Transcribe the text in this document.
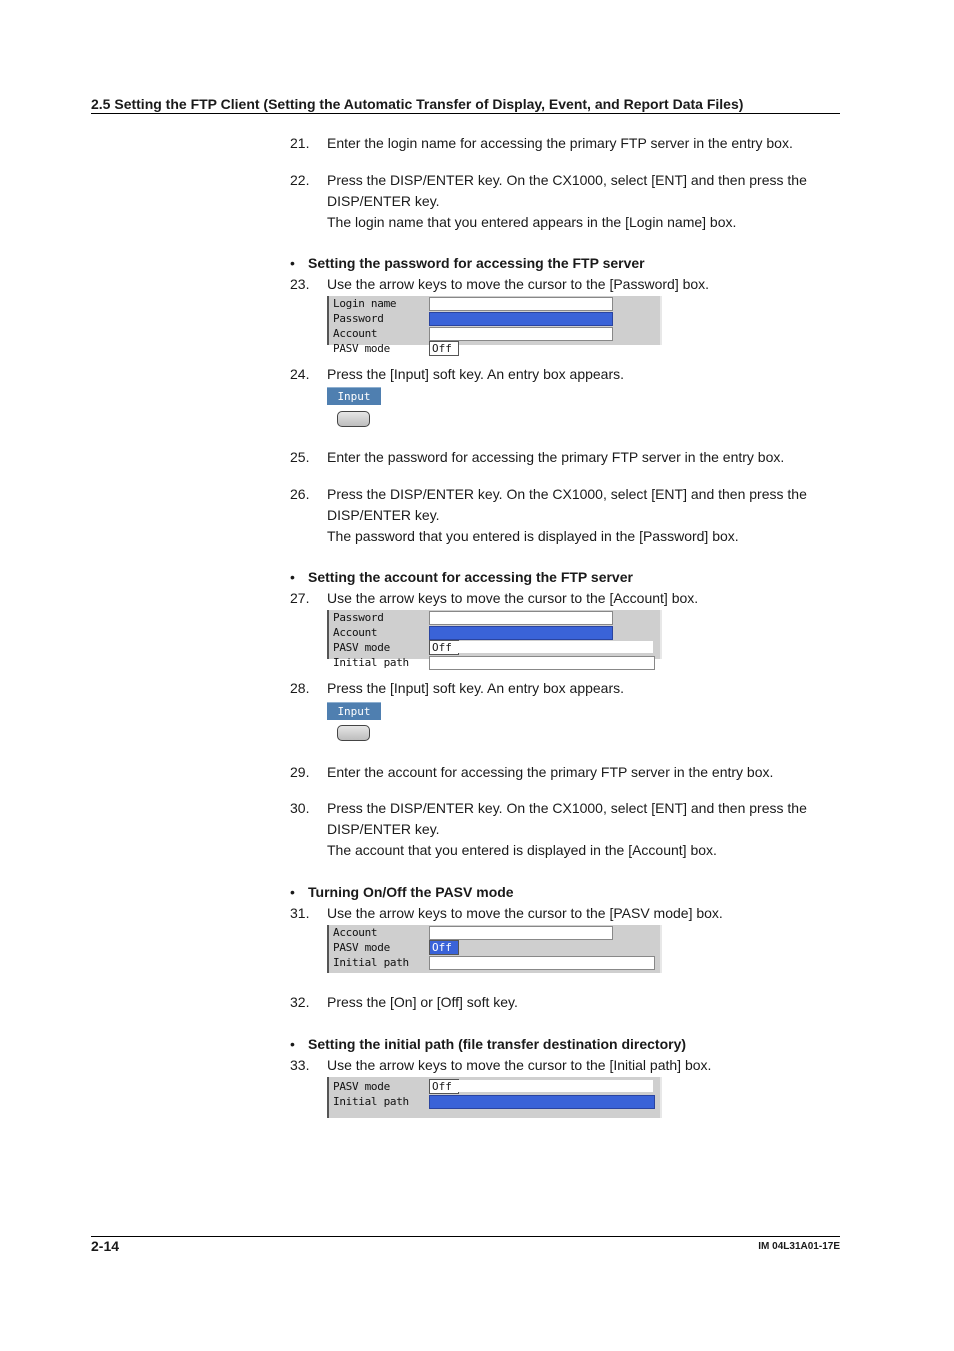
2.5 Setting the FTP Client (Setting the Automatic Transfer of Display, Event, and Report Data Files)
21. Enter the login name for accessing the primary FTP server in the entry box.

22. Press the DISP/ENTER key. On the CX1000, select [ENT] and then press the DISP/ENTER key.

The login name that you entered appears in the [Login name] box.

• Setting the password for accessing the FTP server
23. Use the arrow keys to move the cursor to the [Password] box.

Login name
Password
Account
PASV mode	Off
24. Press the [Input] soft key. An entry box appears.

Input
25. Enter the password for accessing the primary FTP server in the entry box.

26. Press the DISP/ENTER key. On the CX1000, select [ENT] and then press the DISP/ENTER key.

The password that you entered is displayed in the [Password] box.

• Setting the account for accessing the FTP server
27. Use the arrow keys to move the cursor to the [Account] box.

Password
Account
PASV mode	Off
Initial path
28. Press the [Input] soft key. An entry box appears.

Input
29. Enter the account for accessing the primary FTP server in the entry box.

30. Press the DISP/ENTER key. On the CX1000, select [ENT] and then press the DISP/ENTER key.

The account that you entered is displayed in the [Account] box.

• Turning On/Off the PASV mode
31. Use the arrow keys to move the cursor to the [PASV mode] box.

Account
PASV mode	Off
Initial path
32. Press the [On] or [Off] soft key.

• Setting the initial path (file transfer destination directory)
33. Use the arrow keys to move the cursor to the [Initial path] box.

PASV mode	Off
Initial path
2-14	IM 04L31A01-17E
